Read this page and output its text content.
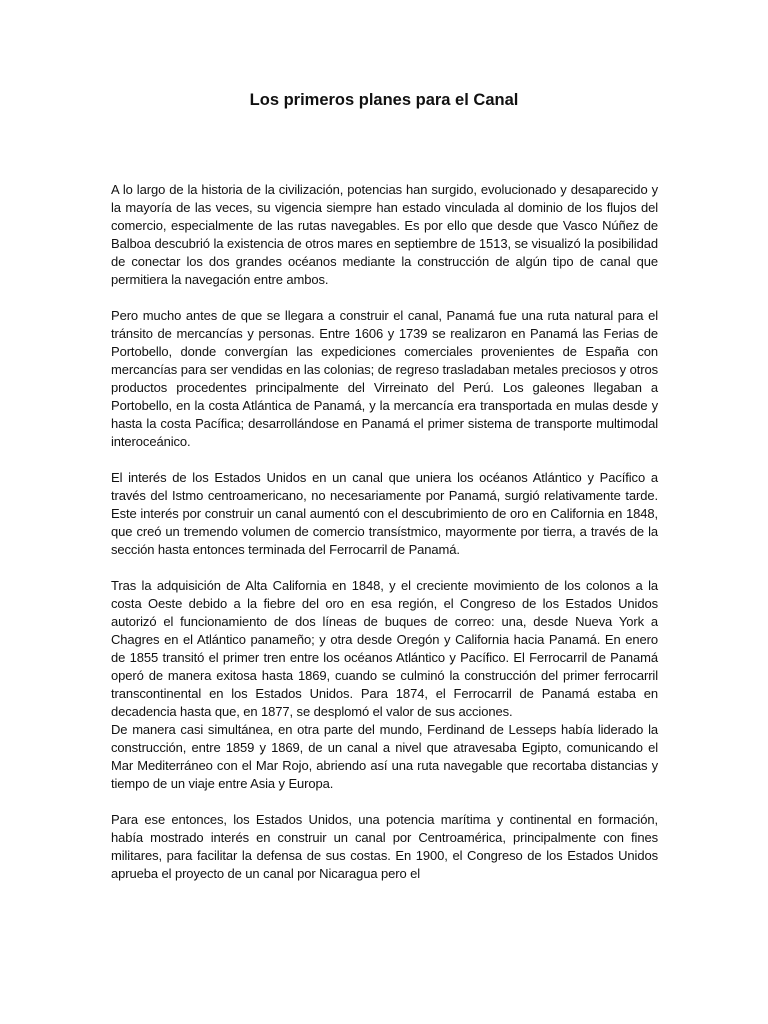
Los primeros planes para el Canal

A lo largo de la historia de la civilización, potencias han surgido, evolucionado y desaparecido y la mayoría de las veces, su vigencia siempre han estado vinculada al dominio de los flujos del comercio, especialmente de las rutas navegables. Es por ello que desde que Vasco Núñez de Balboa descubrió la existencia de otros mares en septiembre de 1513, se visualizó la posibilidad de conectar los dos grandes océanos mediante la construcción de algún tipo de canal que permitiera la navegación entre ambos.

Pero mucho antes de que se llegara a construir el canal, Panamá fue una ruta natural para el tránsito de mercancías y personas. Entre 1606 y 1739 se realizaron en Panamá las Ferias de Portobello, donde convergían las expediciones comerciales provenientes de España con mercancías para ser vendidas en las colonias; de regreso trasladaban metales preciosos y otros productos procedentes principalmente del Virreinato del Perú. Los galeones llegaban a Portobello, en la costa Atlántica de Panamá, y la mercancía era transportada en mulas desde y hasta la costa Pacífica; desarrollándose en Panamá el primer sistema de transporte multimodal interoceánico.

El interés de los Estados Unidos en un canal que uniera los océanos Atlántico y Pacífico a través del Istmo centroamericano, no necesariamente por Panamá, surgió relativamente tarde. Este interés por construir un canal aumentó con el descubrimiento de oro en California en 1848, que creó un tremendo volumen de comercio transístmico, mayormente por tierra, a través de la sección hasta entonces terminada del Ferrocarril de Panamá.

Tras la adquisición de Alta California en 1848, y el creciente movimiento de los colonos a la costa Oeste debido a la fiebre del oro en esa región, el Congreso de los Estados Unidos autorizó el funcionamiento de dos líneas de buques de correo: una, desde Nueva York a Chagres en el Atlántico panameño; y otra desde Oregón y California hacia Panamá. En enero de 1855 transitó el primer tren entre los océanos Atlántico y Pacífico. El Ferrocarril de Panamá operó de manera exitosa hasta 1869, cuando se culminó la construcción del primer ferrocarril transcontinental en los Estados Unidos. Para 1874, el Ferrocarril de Panamá estaba en decadencia hasta que, en 1877, se desplomó el valor de sus acciones.

De manera casi simultánea, en otra parte del mundo, Ferdinand de Lesseps había liderado la construcción, entre 1859 y 1869, de un canal a nivel que atravesaba Egipto, comunicando el Mar Mediterráneo con el Mar Rojo, abriendo así una ruta navegable que recortaba distancias y tiempo de un viaje entre Asia y Europa.

Para ese entonces, los Estados Unidos, una potencia marítima y continental en formación, había mostrado interés en construir un canal por Centroamérica, principalmente con fines militares, para facilitar la defensa de sus costas. En 1900, el Congreso de los Estados Unidos aprueba el proyecto de un canal por Nicaragua pero el
